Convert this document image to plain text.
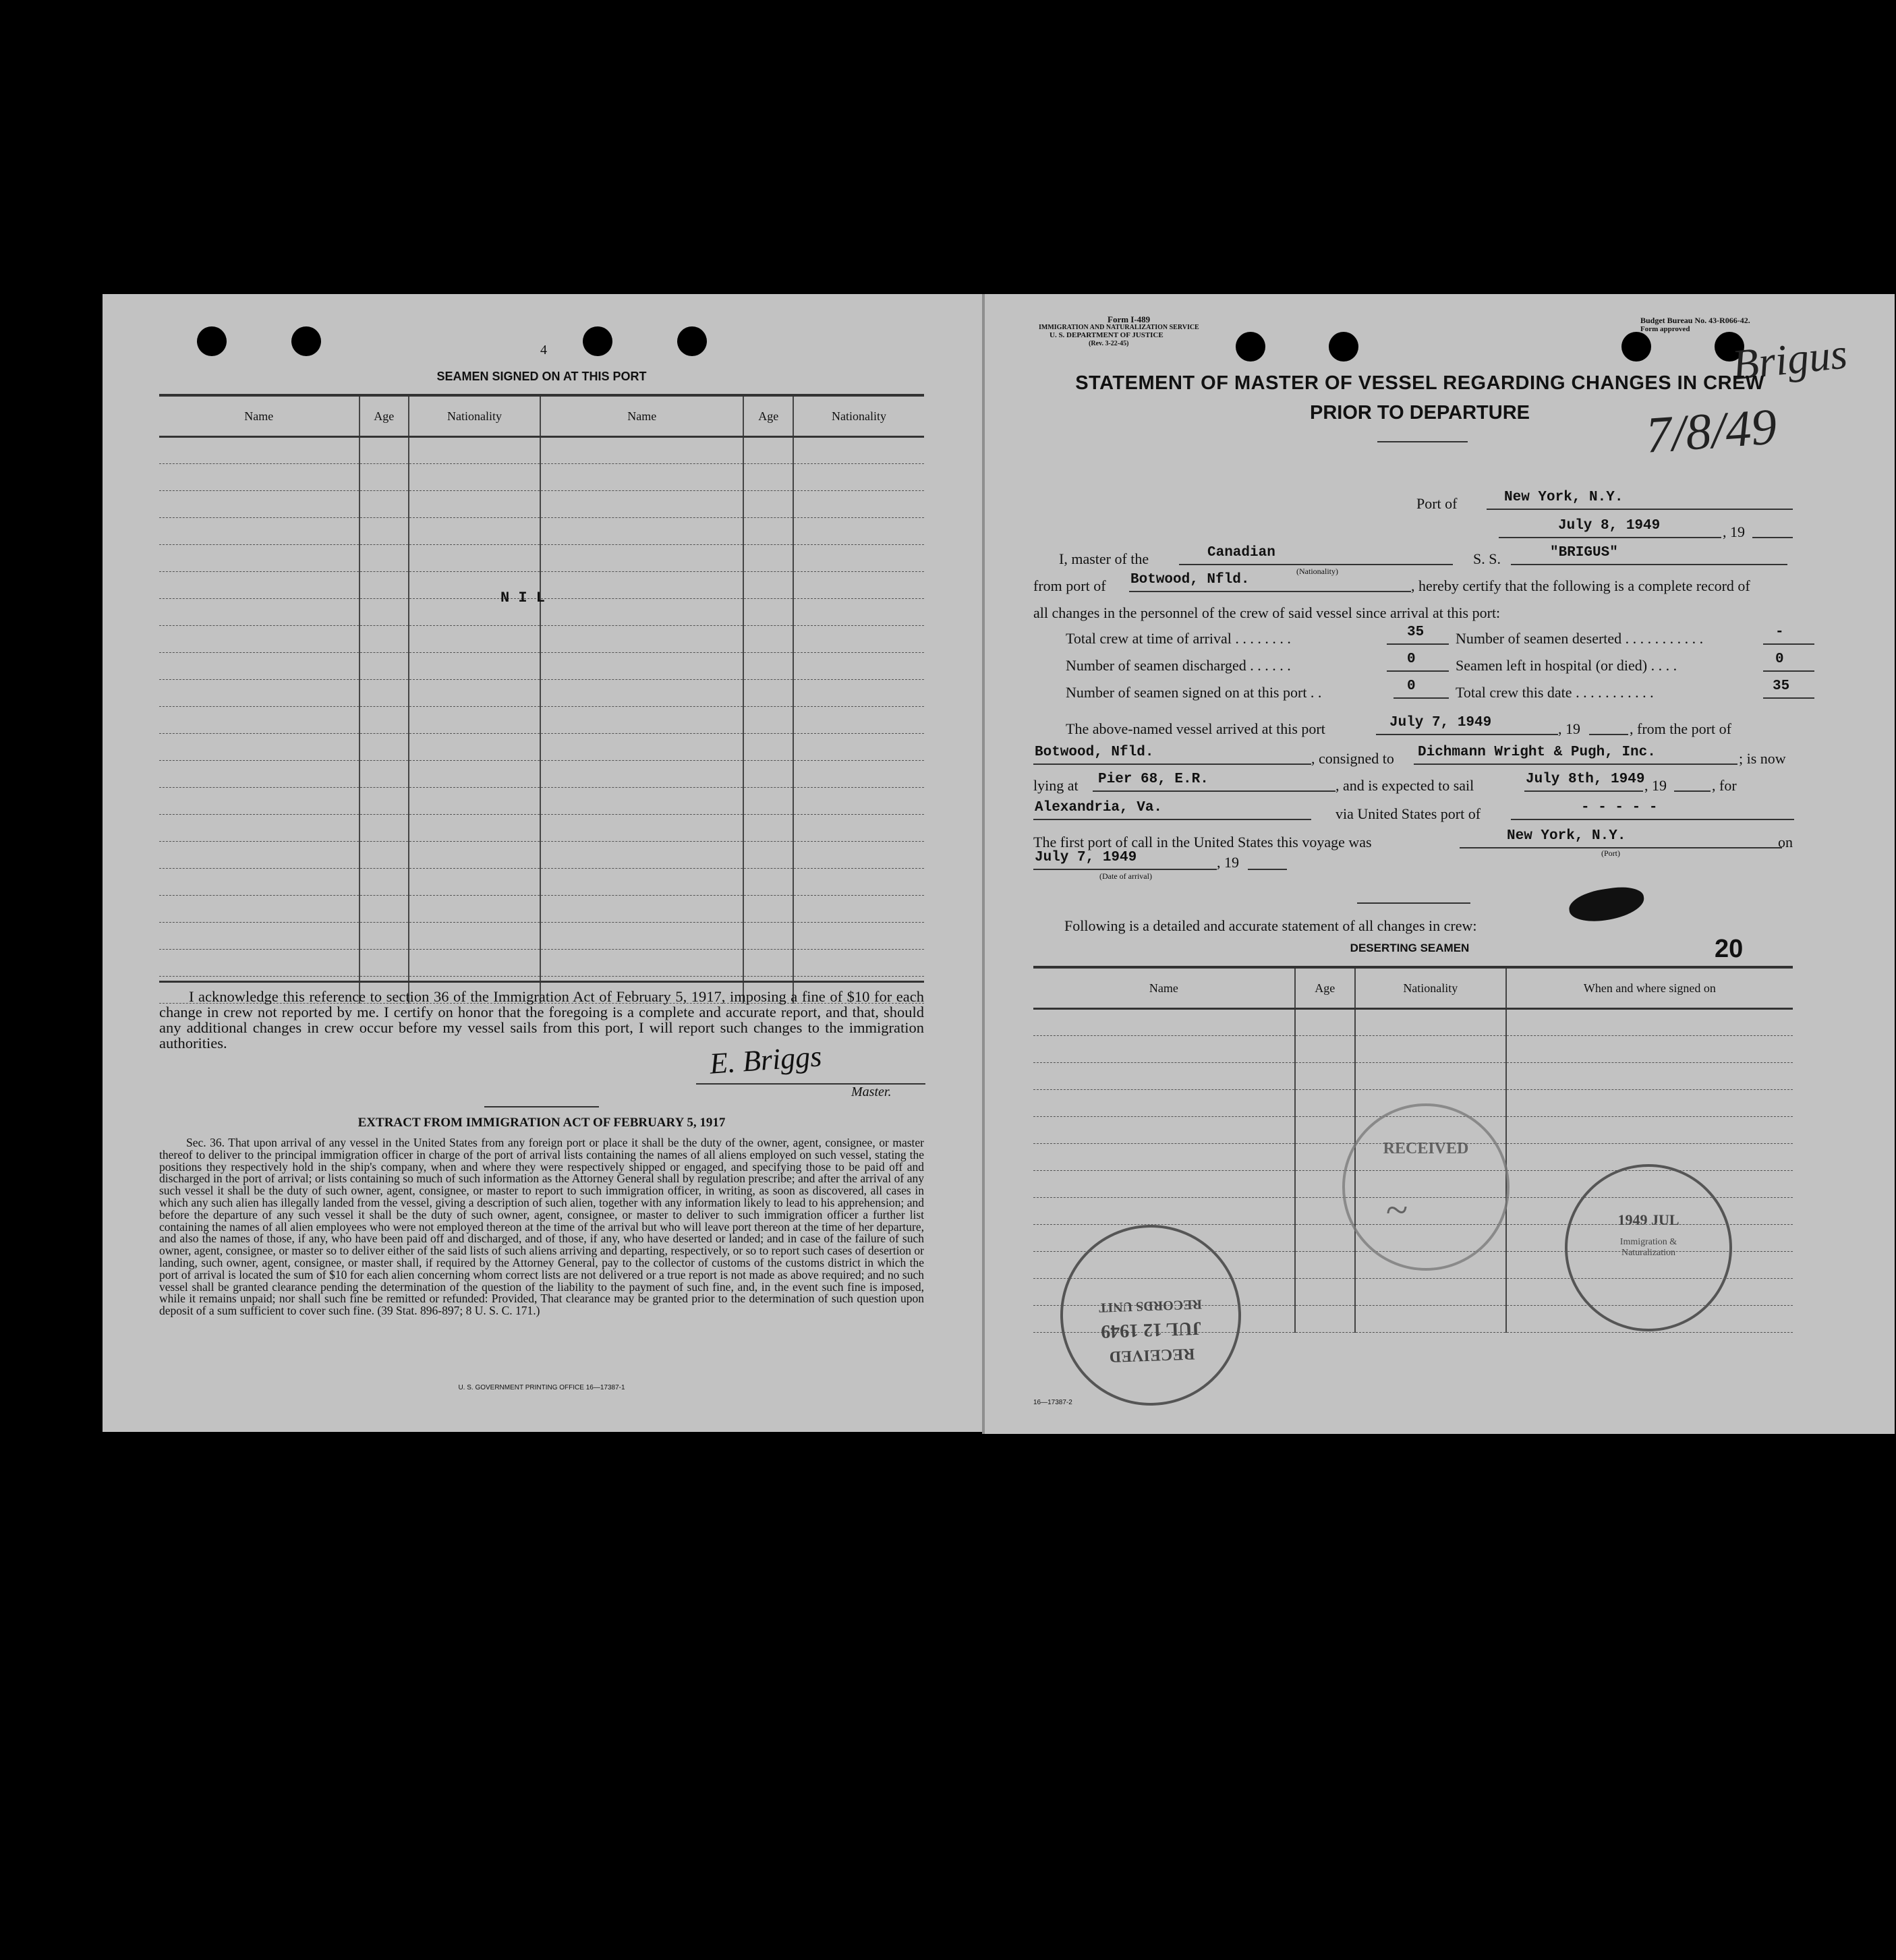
4
SEAMEN SIGNED ON AT THIS PORT
Name	Age	Nationality	Name	Age	Nationality

N I L
I acknowledge this reference to section 36 of the Immigration Act of February 5, 1917, imposing a fine of $10 for each change in crew not reported by me. I certify on honor that the foregoing is a complete and accurate report, and that, should any additional changes in crew occur before my vessel sails from this port, I will report such changes to the immigration authorities.	E. Briggs
Master.
EXTRACT FROM IMMIGRATION ACT OF FEBRUARY 5, 1917
Sec. 36. That upon arrival of any vessel in the United States from any foreign port or place it shall be the duty of the owner, agent, consignee, or master thereof to deliver to the principal immigration officer in charge of the port of arrival lists containing the names of all aliens employed on such vessel, stating the positions they respectively hold in the ship's company, when and where they were respectively shipped or engaged, and specifying those to be paid off and discharged in the port of arrival; or lists containing so much of such information as the Attorney General shall by regulation prescribe; and after the arrival of any such vessel it shall be the duty of such owner, agent, consignee, or master to report to such immigration officer, in writing, as soon as discovered, all cases in which any such alien has illegally landed from the vessel, giving a description of such alien, together with any information likely to lead to his apprehension; and before the departure of any such vessel it shall be the duty of such owner, agent, consignee, or master to deliver to such immigration officer a further list containing the names of all alien employees who were not employed thereon at the time of the arrival but who will leave port thereon at the time of her departure, and also the names of those, if any, who have been paid off and discharged, and of those, if any, who have deserted or landed; and in case of the failure of such owner, agent, consignee, or master so to deliver either of the said lists of such aliens arriving and departing, respectively, or so to report such cases of desertion or landing, such owner, agent, consignee, or master shall, if required by the Attorney General, pay to the collector of customs of the customs district in which the port of arrival is located the sum of $10 for each alien concerning whom correct lists are not delivered or a true report is not made as above required; and no such vessel shall be granted clearance pending the determination of the question of the liability to the payment of such fine, and, in the event such fine is imposed, while it remains unpaid; nor shall such fine be remitted or refunded: Provided, That clearance may be granted prior to the determination of such question upon deposit of a sum sufficient to cover such fine. (39 Stat. 896-897; 8 U. S. C. 171.)
U. S. GOVERNMENT PRINTING OFFICE 16—17387-1
Form I-489
IMMIGRATION AND NATURALIZATION SERVICE
U. S. DEPARTMENT OF JUSTICE
(Rev. 3-22-45)
Budget Bureau No. 43-R066-42.
Form approved
Brigus
7/8/49
STATEMENT OF MASTER OF VESSEL REGARDING CHANGES IN CREW
PRIOR TO DEPARTURE
Port of	New York, N.Y.
July 8, 1949	, 19
I, master of the	Canadian
(Nationality)
S. S.	"BRIGUS"
from port of Botwood, Nfld.	, hereby certify that the following is a complete record of
all changes in the personnel of the crew of said vessel since arrival at this port:
Total crew at time of arrival . . . . . . . .	35 Number of seamen deserted . . . . . . . . . . .	-
Number of seamen discharged . . . . . .	0	Seamen left in hospital (or died) . . . .	0
Number of seamen signed on at this port . .	0	Total crew this date . . . . . . . . . . .	35
The above-named vessel arrived at this port	July 7, 1949	, 19	, from the port of
Botwood, Nfld.	, consigned to Dichmann Wright & Pugh, Inc.	; is now
lying at Pier 68, E.R.	, and is expected to sail	July 8th, 1949 , 19	, for
Alexandria, Va.	via United States port of	- - - - -
The first port of call in the United States this voyage was	New York, N.Y.
(Port)
on
July 7, 1949
(Date of arrival)
, 19
Following is a detailed and accurate statement of all changes in crew:
DESERTING SEAMEN	20
Name	Age	Nationality	When and where signed on

RECEIVED
JUL 12 1949
RECORDS UNIT
RECEIVED
~	1949 JUL
Immigration & Naturalization
16—17387-2
